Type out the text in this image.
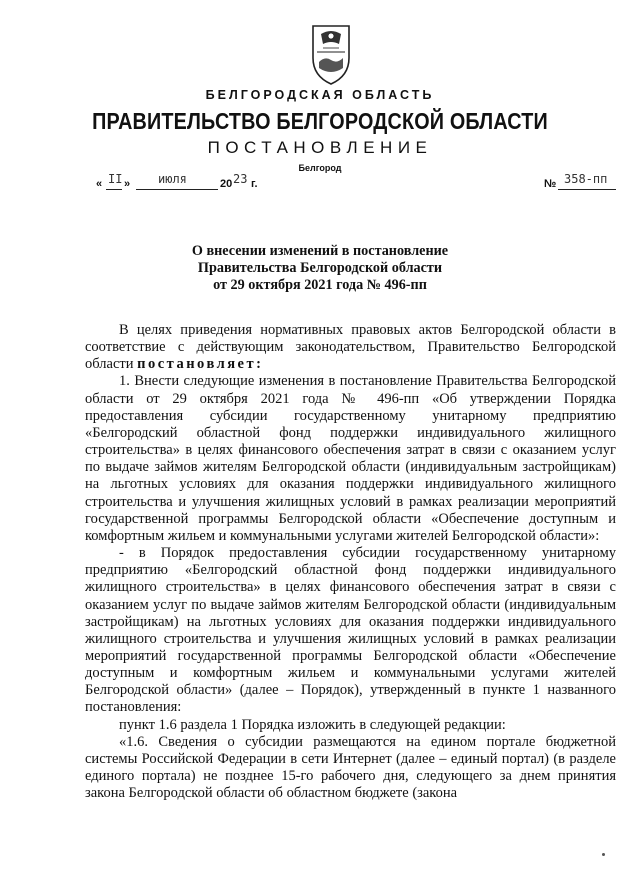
БЕЛГОРОДСКАЯ ОБЛАСТЬ
ПРАВИТЕЛЬСТВО БЕЛГОРОДСКОЙ ОБЛАСТИ
ПОСТАНОВЛЕНИЕ
Белгород
« II » июля	20 23 г.	№ 358-пп
О внесении изменений в постановление
Правительства Белгородской области
от 29 октября 2021 года № 496-пп

В целях приведения нормативных правовых актов Белгородской области в соответствие с действующим законодательством, Правительство Белгородской области постановляет:

1. Внести следующие изменения в постановление Правительства Белгородской области от 29 октября 2021 года № 496-пп «Об утверждении Порядка предоставления субсидии государственному унитарному предприятию «Белгородский областной фонд поддержки индивидуального жилищного строительства» в целях финансового обеспечения затрат в связи с оказанием услуг по выдаче займов жителям Белгородской области (индивидуальным застройщикам) на льготных условиях для оказания поддержки индивидуального жилищного строительства и улучшения жилищных условий в рамках реализации мероприятий государственной программы Белгородской области «Обеспечение доступным и комфортным жильем и коммунальными услугами жителей Белгородской области»:

- в Порядок предоставления субсидии государственному унитарному предприятию «Белгородский областной фонд поддержки индивидуального жилищного строительства» в целях финансового обеспечения затрат в связи с оказанием услуг по выдаче займов жителям Белгородской области (индивидуальным застройщикам) на льготных условиях для оказания поддержки индивидуального жилищного строительства и улучшения жилищных условий в рамках реализации мероприятий государственной программы Белгородской области «Обеспечение доступным и комфортным жильем и коммунальными услугами жителей Белгородской области» (далее – Порядок), утвержденный в пункте 1 названного постановления:

пункт 1.6 раздела 1 Порядка изложить в следующей редакции:

«1.6. Сведения о субсидии размещаются на едином портале бюджетной системы Российской Федерации в сети Интернет (далее – единый портал) (в разделе единого портала) не позднее 15-го рабочего дня, следующего за днем принятия закона Белгородской области об областном бюджете (закона
